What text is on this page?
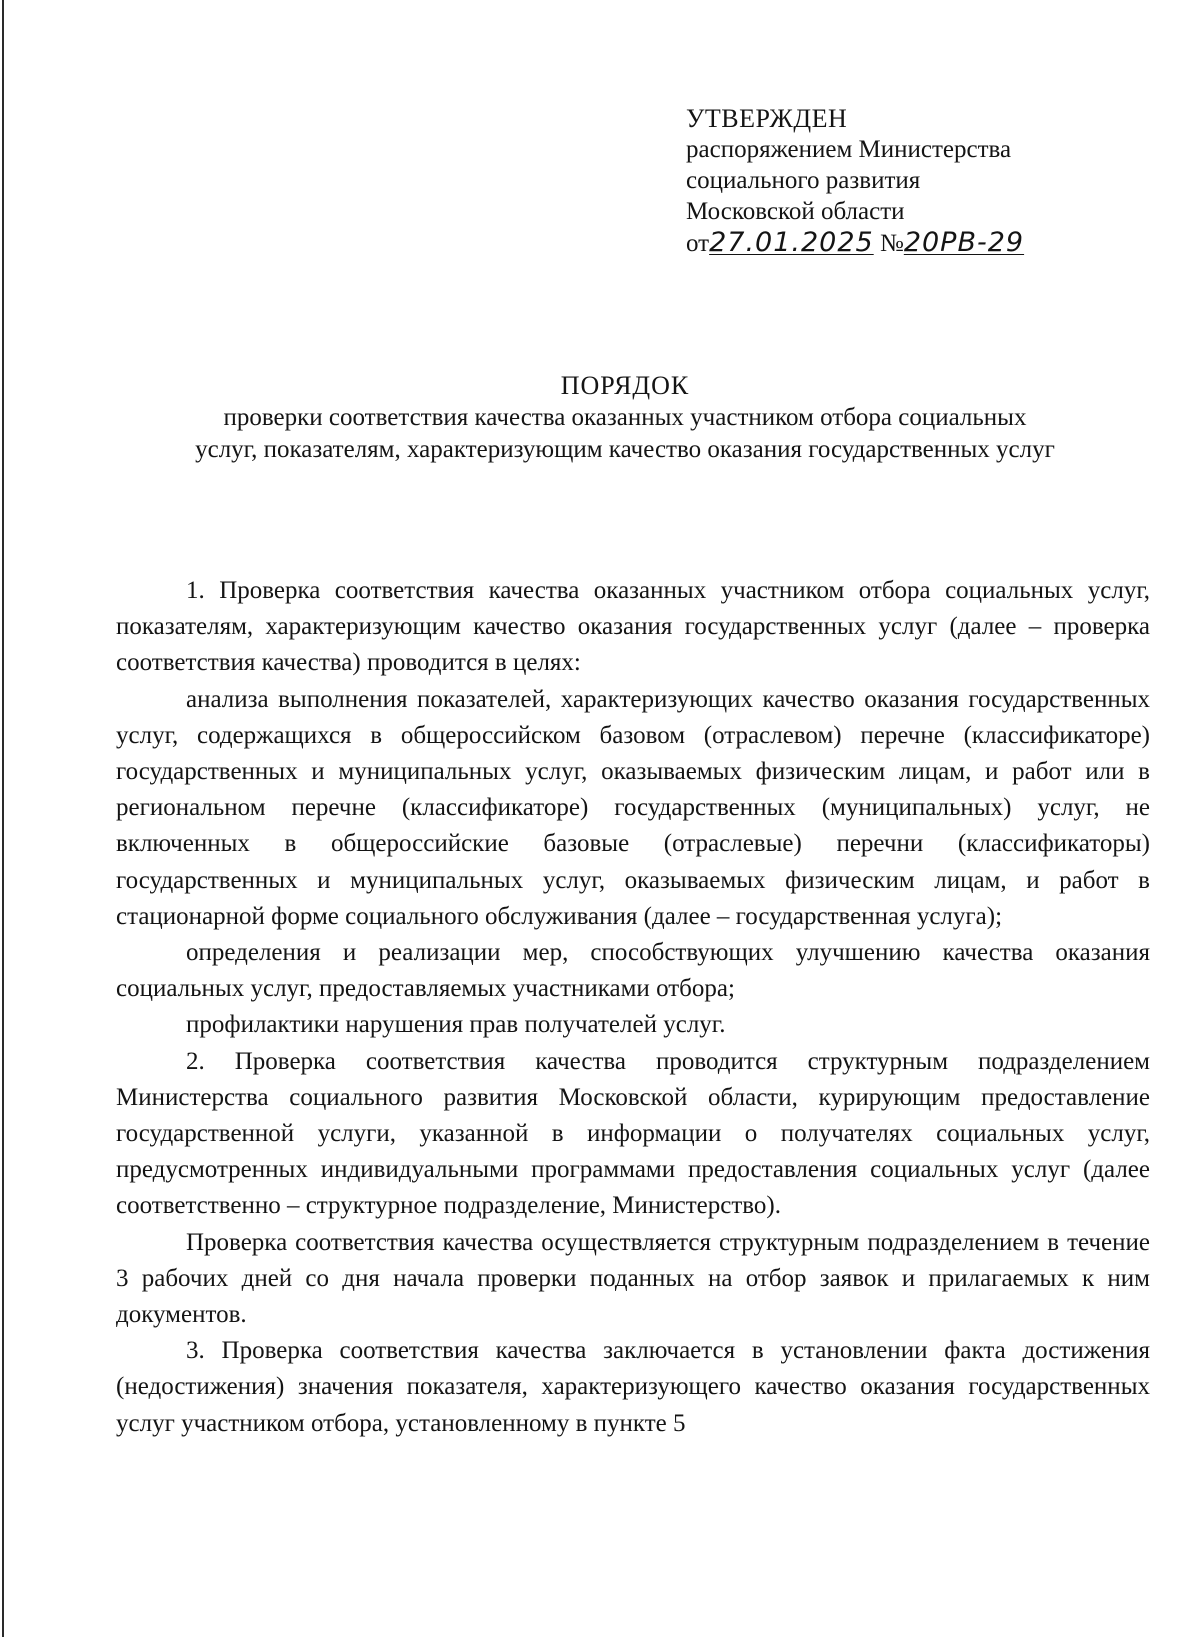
УТВЕРЖДЕН
распоряжением Министерства
социального развития
Московской области
от27.01.2025 №20РВ-29
ПОРЯДОК
проверки соответствия качества оказанных участником отбора социальных
услуг, показателям, характеризующим качество оказания государственных услуг

1. Проверка соответствия качества оказанных участником отбора социальных услуг, показателям, характеризующим качество оказания государственных услуг (далее – проверка соответствия качества) проводится в целях:

анализа выполнения показателей, характеризующих качество оказания государственных услуг, содержащихся в общероссийском базовом (отраслевом) перечне (классификаторе) государственных и муниципальных услуг, оказываемых физическим лицам, и работ или в региональном перечне (классификаторе) государственных (муниципальных) услуг, не включенных в общероссийские базовые (отраслевые) перечни (классификаторы) государственных и муниципальных услуг, оказываемых физическим лицам, и работ в стационарной форме социального обслуживания (далее – государственная услуга);

определения и реализации мер, способствующих улучшению качества оказания социальных услуг, предоставляемых участниками отбора;

профилактики нарушения прав получателей услуг.

2. Проверка соответствия качества проводится структурным подразделением Министерства социального развития Московской области, курирующим предоставление государственной услуги, указанной в информации о получателях социальных услуг, предусмотренных индивидуальными программами предоставления социальных услуг (далее соответственно – структурное подразделение, Министерство).

Проверка соответствия качества осуществляется структурным подразделением в течение 3 рабочих дней со дня начала проверки поданных на отбор заявок и прилагаемых к ним документов.

3. Проверка соответствия качества заключается в установлении факта достижения (недостижения) значения показателя, характеризующего качество оказания государственных услуг участником отбора, установленному в пункте 5
